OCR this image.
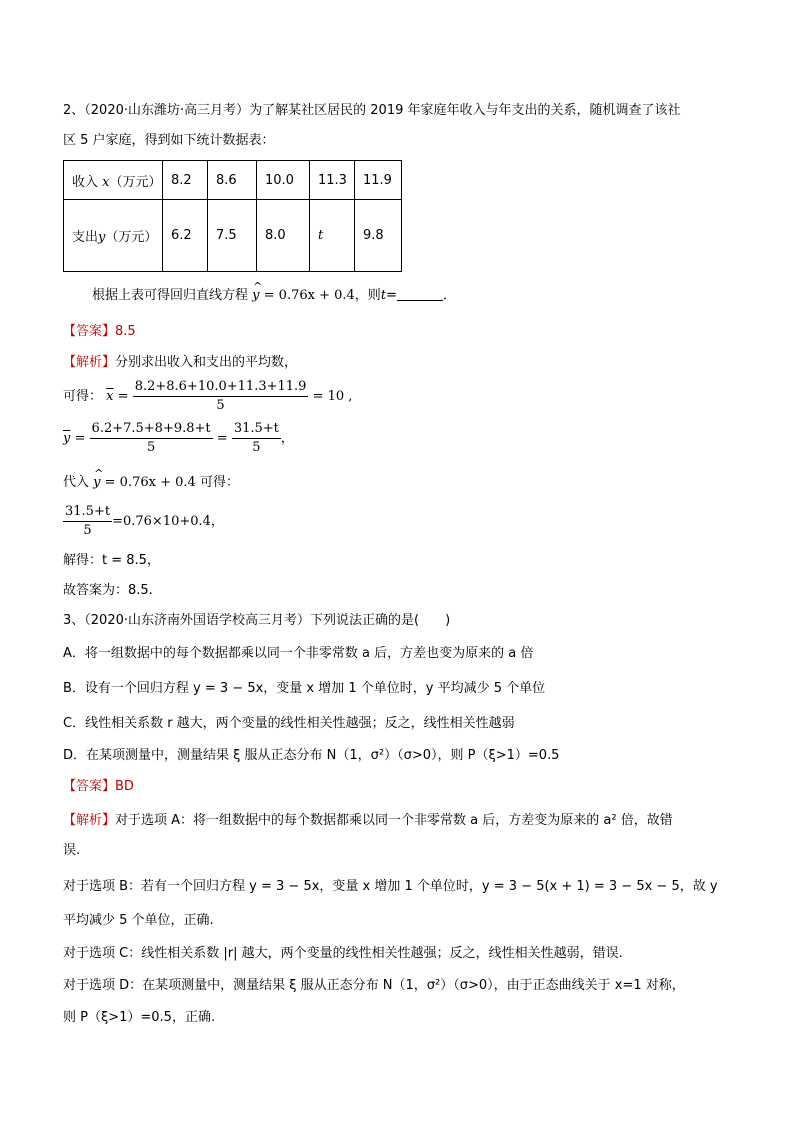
2、（2020·山东潍坊·高三月考）为了解某社区居民的 2019 年家庭年收入与年支出的关系，随机调查了该社
区 5 户家庭，得到如下统计数据表：
收入 x（万元）	8.2	8.6	10.0	11.3	11.9
支出y（万元）	6.2	7.5	8.0	t	9.8
根据上表可得回归直线方程 ^ y = 0.76x + 0.4，则t=	．
【答案】8.5
【解析】分别求出收入和支出的平均数，
可得： $\overline{x} = \frac{8.2+8.6+10.0+11.3+11.9}{5} = 10$ ,
$\overline{y} = \frac{6.2+7.5+8+9.8+t}{5} = \frac{31.5+t}{5}$ ，
代入 ^ y = 0.76x + 0.4 可得：
$\frac{31.5+t}{5} =0.76\times 10+0.4$，
解得：t = 8.5，
故答案为：8.5.
3、（2020·山东济南外国语学校高三月考）下列说法正确的是(　　)
A．将一组数据中的每个数据都乘以同一个非零常数 a 后，方差也变为原来的 a 倍
B．设有一个回归方程 y = 3 − 5x，变量 x 增加 1 个单位时，y 平均减少 5 个单位
C．线性相关系数 r 越大，两个变量的线性相关性越强；反之，线性相关性越弱
D．在某项测量中，测量结果 ξ 服从正态分布 N（1，σ²）（σ>0），则 P（ξ>1）=0.5
【答案】BD
【解析】对于选项 A：将一组数据中的每个数据都乘以同一个非零常数 a 后，方差变为原来的 a² 倍，故错
误.
对于选项 B：若有一个回归方程 y = 3 − 5x，变量 x 增加 1 个单位时，y = 3 − 5(x + 1) = 3 − 5x − 5，故 y
平均减少 5 个单位，正确.
对于选项 C：线性相关系数 |r| 越大，两个变量的线性相关性越强；反之，线性相关性越弱，错误.
对于选项 D：在某项测量中，测量结果 ξ 服从正态分布 N（1，σ²）（σ>0），由于正态曲线关于 x=1 对称，
则 P（ξ>1）=0.5，正确.
